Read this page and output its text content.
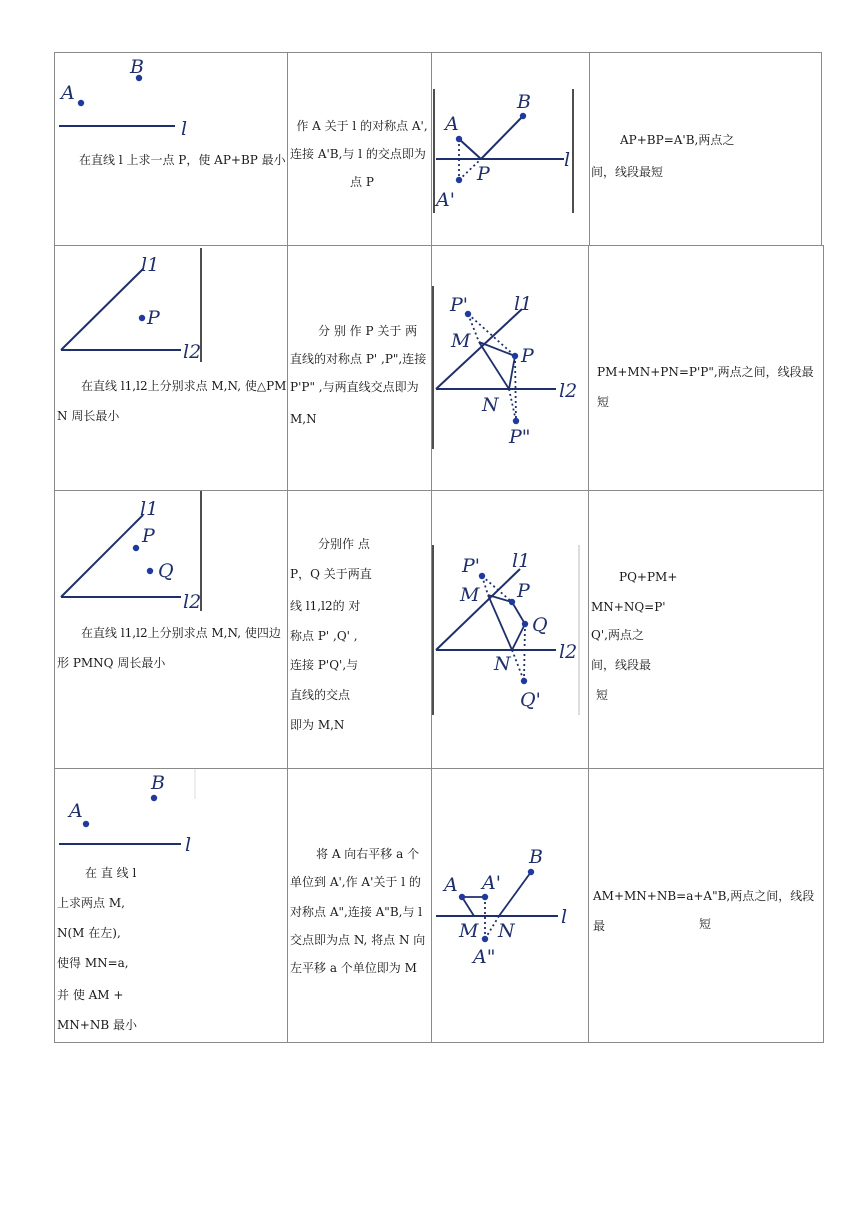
A
B
l
在直线 l 上求一点 P，使 AP+BP 最小
作 A 关于 l 的对称点 A',
连接 A'B,与 l 的交点即为
点 P
A
B
P
l
A'
AP+BP=A'B,两点之
间，线段最短
l1
P
l2
在直线 l1,l2上分别求点 M,N, 使△PM
N 周长最小
分 别 作 P 关于 两
直线的对称点 P' ,P",连接
P'P" ,与两直线交点即为
M,N
P' l1
M
P
N
l2
P"
PM+MN+PN=P'P",两点之间，线段最短
l1
P
Q
l2
在直线 l1,l2上分别求点 M,N, 使四边
形 PMNQ 周长最小
分别作 点
P，Q 关于两直
线 l1,l2的 对
称点 P' ,Q' ,
连接 P'Q',与
直线的交点
即为 M,N
P' l1
M P
Q
N
l2
Q'
PQ+PM+
MN+NQ=P'
Q',两点之
间，线段最
短
A
B
l
在 直 线 l
上求两点 M,
N(M 在左),
使得 MN=a,
并 使 AM +
MN+NB 最小
将 A 向右平移 a 个
单位到 A',作 A'关于 l 的
对称点 A",连接 A"B,与 l
交点即为点 N, 将点 N 向
左平移 a 个单位即为 M
A A'
B
M N
l
A"
AM+MN+NB=a+A"B,两点之间，线段最	短
